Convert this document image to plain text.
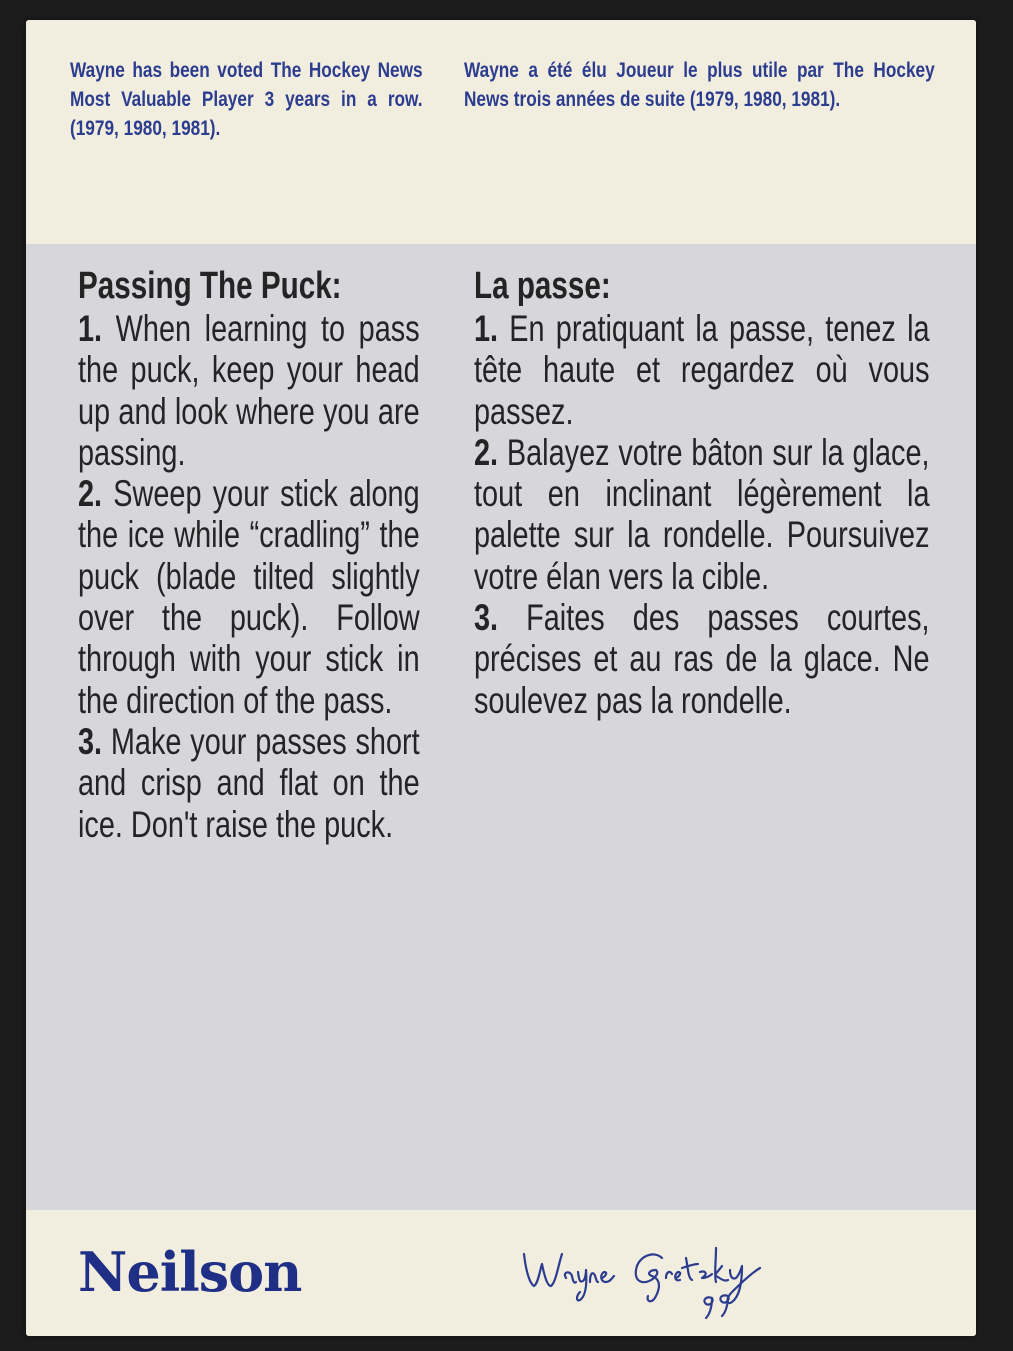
Wayne has been voted The Hockey News Most Valuable Player 3 years in a row. (1979, 1980, 1981).
Wayne a été élu Joueur le plus utile par The Hockey News trois années de suite (1979, 1980, 1981).
Passing The Puck:

1. When learning to pass the puck, keep your head up and look where you are passing.

2. Sweep your stick along the ice while “cradling” the puck (blade tilted slightly over the puck). Follow through with your stick in the direction of the pass.

3. Make your passes short and crisp and flat on the ice. Don't raise the puck.

La passe:

1. En pratiquant la passe, tenez la tête haute et regardez où vous passez.

2. Balayez votre bâton sur la glace, tout en inclinant légèrement la palette sur la rondelle. Poursuivez votre élan vers la cible.

3. Faites des passes courtes, précises et au ras de la glace. Ne soulevez pas la rondelle.

Neilson
